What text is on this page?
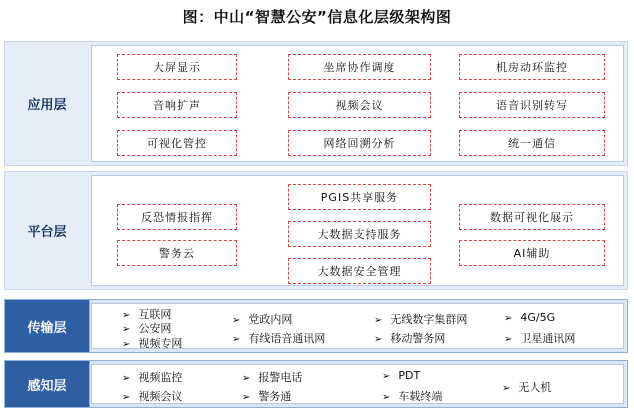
图：中山“智慧公安”信息化层级架构图
应用层
大屏显示	坐席协作调度	机房动环监控
音响扩声	视频会议	语音识别转写
可视化管控	网络回溯分析	统一通信
平台层
反恐情报指挥
警务云
PGIS共享服务
大数据支持服务
大数据安全管理
数据可视化展示
AI辅助
传输层
➢ 互联网
➢ 公安网
➢ 视频专网
➢ 党政内网
➢ 有线语音通讯网
➢ 无线数字集群网
➢ 移动警务网
➢ 4G/5G
➢ 卫星通讯网
感知层	➢ 视频监控
➢ 视频会议
➢ 报警电话
➢ 警务通
➢ PDT
➢ 车载终端
➢ 无人机
